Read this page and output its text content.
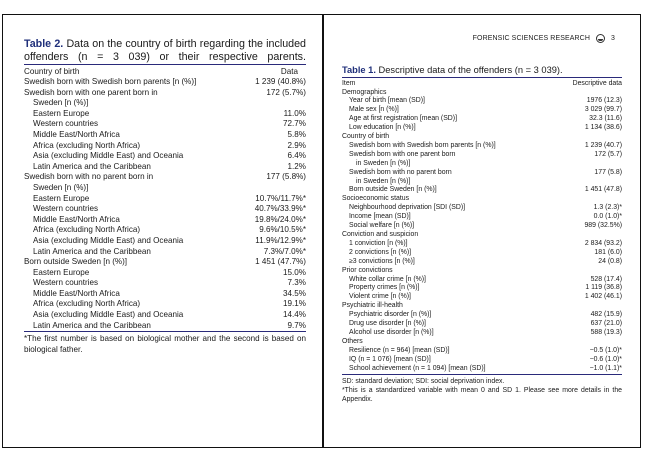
Table 2. Data on the country of birth regarding the included offenders (n = 3 039) or their respective parents.
Country of birth	Data
Swedish born with Swedish born parents [n (%)]	1 239 (40.8%)
Swedish born with one parent born in	172 (5.7%)
Sweden [n (%)]	
Eastern Europe	11.0%
Western countries	72.7%
Middle East/North Africa	5.8%
Africa (excluding North Africa)	2.9%
Asia (excluding Middle East) and Oceania	6.4%
Latin America and the Caribbean	1.2%
Swedish born with no parent born in	177 (5.8%)
Sweden [n (%)]	
Eastern Europe	10.7%/11.7%*
Western countries	40.7%/33.9%*
Middle East/North Africa	19.8%/24.0%*
Africa (excluding North Africa)	9.6%/10.5%*
Asia (excluding Middle East) and Oceania	11.9%/12.9%*
Latin America and the Caribbean	7.3%/7.0%*
Born outside Sweden [n (%)]	1 451 (47.7%)
Eastern Europe	15.0%
Western countries	7.3%
Middle East/North Africa	34.5%
Africa (excluding North Africa)	19.1%
Asia (excluding Middle East) and Oceania	14.4%
Latin America and the Caribbean	9.7%
*The first number is based on biological mother and the second is based on biological father.
FORENSIC SCIENCES RESEARCH	3
Table 1. Descriptive data of the offenders (n = 3 039).
Item	Descriptive data
Demographics	
Year of birth [mean (SD)]	1976 (12.3)
Male sex [n (%)]	3 029 (99.7)
Age at first registration [mean (SD)]	32.3 (11.6)
Low education [n (%)]	1 134 (38.6)
Country of birth	
Swedish born with Swedish born parents [n (%)]	1 239 (40.7)
Swedish born with one parent born	172 (5.7)
in Sweden [n (%)]	
Swedish born with no parent born	177 (5.8)
in Sweden [n (%)]	
Born outside Sweden [n (%)]	1 451 (47.8)
Socioeconomic status	
Neighbourhood deprivation [SDI (SD)]	1.3 (2.3)*
Income [mean (SD)]	0.0 (1.0)*
Social welfare [n (%)]	989 (32.5%)
Conviction and suspicion	
1 conviction [n (%)]	2 834 (93.2)
2 convictions [n (%)]	181 (6.0)
≥3 convictions [n (%)]	24 (0.8)
Prior convictions	
White collar crime [n (%)]	528 (17.4)
Property crimes [n (%)]	1 119 (36.8)
Violent crime [n (%)]	1 402 (46.1)
Psychiatric ill-health	
Psychiatric disorder [n (%)]	482 (15.9)
Drug use disorder [n (%)]	637 (21.0)
Alcohol use disorder [n (%)]	588 (19.3)
Others	
Resilience (n = 964) [mean (SD)]	−0.5 (1.0)*
IQ (n = 1 076) [mean (SD)]	−0.6 (1.0)*
School achievement (n = 1 094) [mean (SD)]	−1.0 (1.1)*
SD: standard deviation; SDI: social deprivation index.
*This is a standardized variable with mean 0 and SD 1. Please see more details in the Appendix.
